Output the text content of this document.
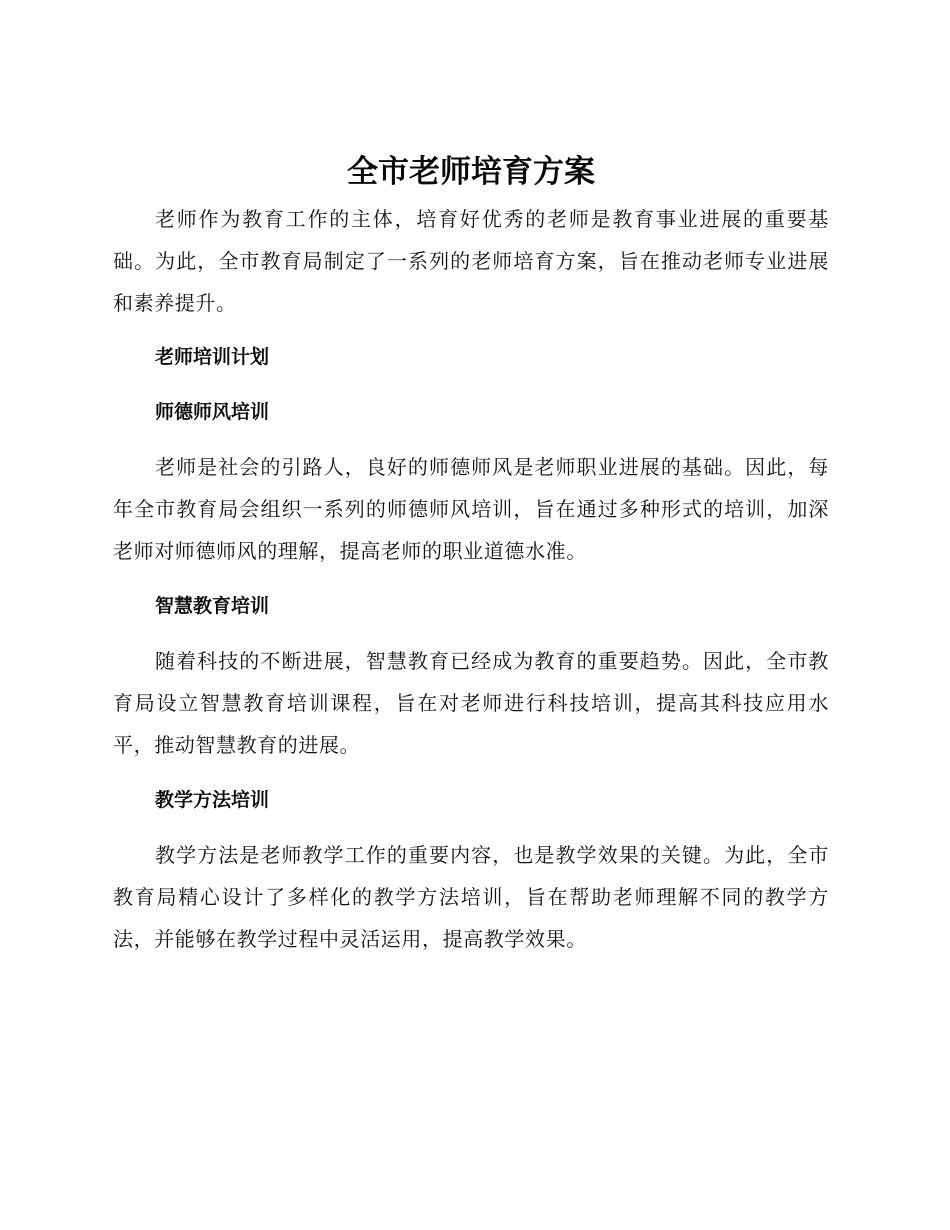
全市老师培育方案

老师作为教育工作的主体，培育好优秀的老师是教育事业进展的重要基础。为此，全市教育局制定了一系列的老师培育方案，旨在推动老师专业进展和素养提升。

老师培训计划
师德师风培训

老师是社会的引路人，良好的师德师风是老师职业进展的基础。因此，每年全市教育局会组织一系列的师德师风培训，旨在通过多种形式的培训，加深老师对师德师风的理解，提高老师的职业道德水准。

智慧教育培训

随着科技的不断进展，智慧教育已经成为教育的重要趋势。因此，全市教育局设立智慧教育培训课程，旨在对老师进行科技培训，提高其科技应用水平，推动智慧教育的进展。

教学方法培训

教学方法是老师教学工作的重要内容，也是教学效果的关键。为此，全市教育局精心设计了多样化的教学方法培训，旨在帮助老师理解不同的教学方法，并能够在教学过程中灵活运用，提高教学效果。
